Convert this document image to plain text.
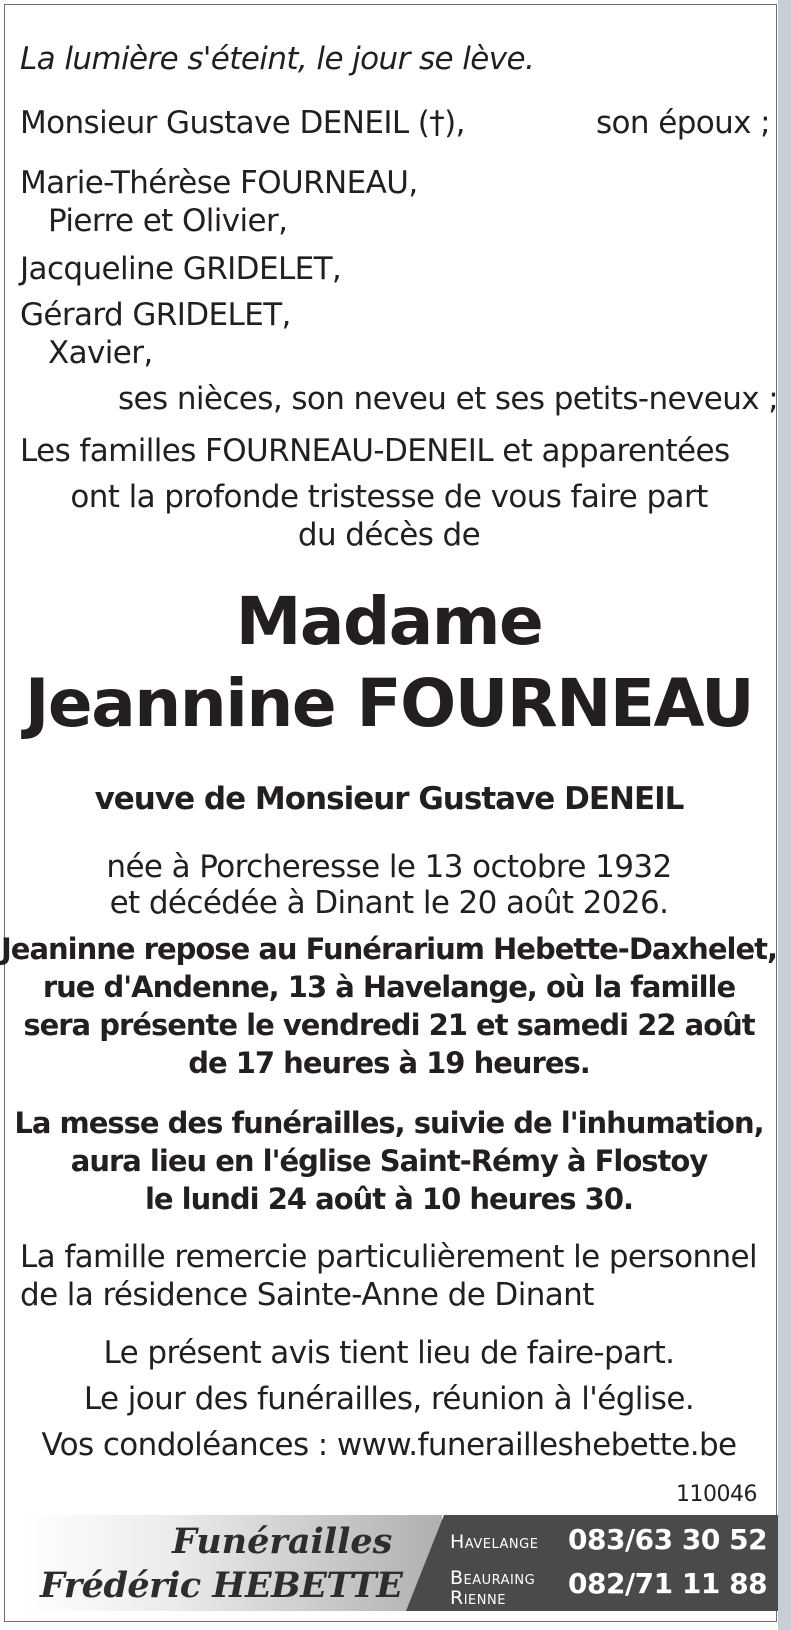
La lumière s'éteint, le jour se lève.
Monsieur Gustave DENEIL (†),	son époux ;
Marie-Thérèse FOURNEAU,
Pierre et Olivier,
Jacqueline GRIDELET,
Gérard GRIDELET,
Xavier,
ses nièces, son neveu et ses petits-neveux ;
Les familles FOURNEAU-DENEIL et apparentées
ont la profonde tristesse de vous faire part
du décès de
Madame
Jeannine FOURNEAU
veuve de Monsieur Gustave DENEIL
née à Porcheresse le 13 octobre 1932
et décédée à Dinant le 20 août 2026.
Jeaninne repose au Funérarium Hebette-Daxhelet,
rue d'Andenne, 13 à Havelange, où la famille
sera présente le vendredi 21 et samedi 22 août
de 17 heures à 19 heures.
La messe des funérailles, suivie de l'inhumation,
aura lieu en l'église Saint-Rémy à Flostoy
le lundi 24 août à 10 heures 30.
La famille remercie particulièrement le personnel
de la résidence Sainte-Anne de Dinant
Le présent avis tient lieu de faire-part.
Le jour des funérailles, réunion à l'église.
Vos condoléances : www.funerailleshebette.be
110046
Funérailles
Frédéric HEBETTE
Havelange 083/63 30 52
Beauraing
Rienne 082/71 11 88
